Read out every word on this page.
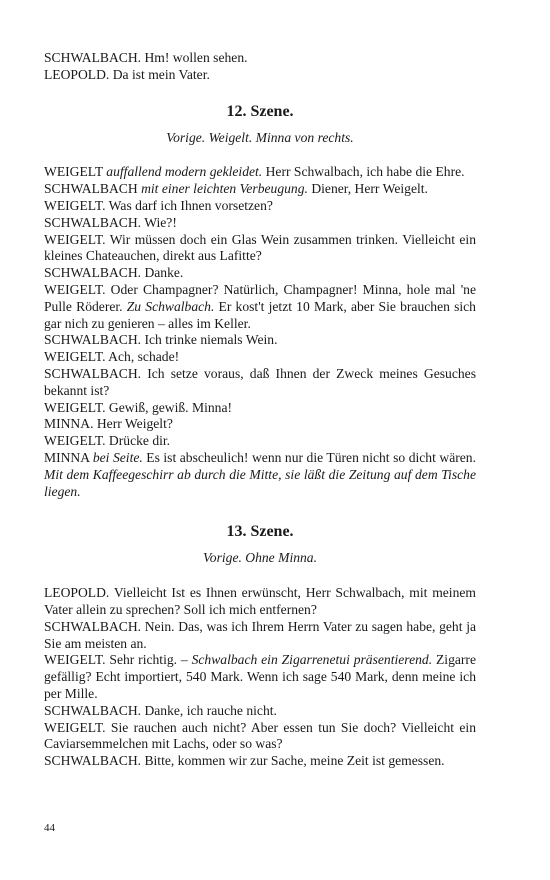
SCHWALBACH. Hm! wollen sehen.

LEOPOLD. Da ist mein Vater.

12. Szene.

Vorige. Weigelt. Minna von rechts.

WEIGELT auffallend modern gekleidet. Herr Schwalbach, ich habe die Ehre.

SCHWALBACH mit einer leichten Verbeugung. Diener, Herr Weigelt.

WEIGELT. Was darf ich Ihnen vorsetzen?

SCHWALBACH. Wie?!

WEIGELT. Wir müssen doch ein Glas Wein zusammen trinken. Vielleicht ein kleines Chateauchen, direkt aus Lafitte?

SCHWALBACH. Danke.

WEIGELT. Oder Champagner? Natürlich, Champagner! Minna, hole mal 'ne Pulle Röderer. Zu Schwalbach. Er kost't jetzt 10 Mark, aber Sie brauchen sich gar nich zu genieren – alles im Keller.

SCHWALBACH. Ich trinke niemals Wein.

WEIGELT. Ach, schade!

SCHWALBACH. Ich setze voraus, daß Ihnen der Zweck meines Gesuches bekannt ist?

WEIGELT. Gewiß, gewiß. Minna!

MINNA. Herr Weigelt?

WEIGELT. Drücke dir.

MINNA bei Seite. Es ist abscheulich! wenn nur die Türen nicht so dicht wären. Mit dem Kaffeegeschirr ab durch die Mitte, sie läßt die Zeitung auf dem Tische liegen.

13. Szene.

Vorige. Ohne Minna.

LEOPOLD. Vielleicht Ist es Ihnen erwünscht, Herr Schwalbach, mit meinem Vater allein zu sprechen? Soll ich mich entfernen?

SCHWALBACH. Nein. Das, was ich Ihrem Herrn Vater zu sagen habe, geht ja Sie am meisten an.

WEIGELT. Sehr richtig. – Schwalbach ein Zigarrenetui präsentierend. Zigarre gefällig? Echt importiert, 540 Mark. Wenn ich sage 540 Mark, denn meine ich per Mille.

SCHWALBACH. Danke, ich rauche nicht.

WEIGELT. Sie rauchen auch nicht? Aber essen tun Sie doch? Vielleicht ein Caviarsemmelchen mit Lachs, oder so was?

SCHWALBACH. Bitte, kommen wir zur Sache, meine Zeit ist gemessen.

44
